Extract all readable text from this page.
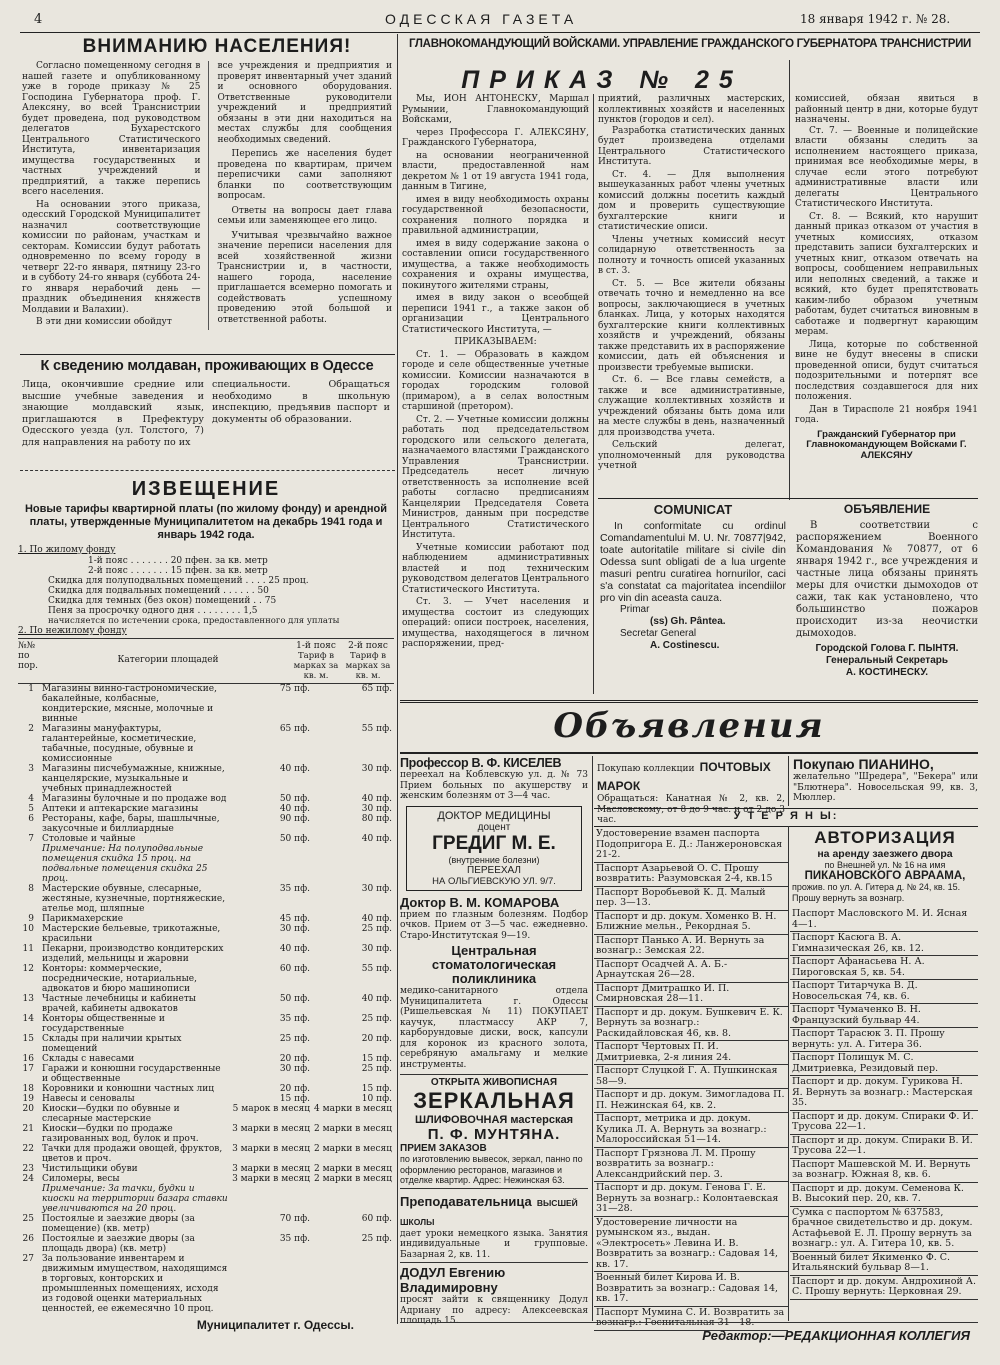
4	ОДЕССКАЯ ГАЗЕТА	18 января 1942 г. № 28.
ВНИМАНИЮ НАСЕЛЕНИЯ!

Согласно помещенному сегодня в нашей газете и опубликованному уже в городе приказу № 25 Господина Губернатора проф. Г. Алексяну, во всей Транснистрии будет проведена, под руководством делегатов Бухарестского Центрального Статистического Института, инвентаризация имущества государственных и частных учреждений и предприятий, а также перепись всего населения.

На основании этого приказа, одесский Городской Муниципалитет назначил соответствующие комиссии по районам, участкам и секторам. Комиссии будут работать одновременно по всему городу в четверг 22-го января, пятницу 23-го и в субботу 24-го января (суббота 24-го января нерабочий день — праздник объединения княжеств Молдавии и Валахии).

В эти дни комиссии обойдут

все учреждения и предприятия и проверят инвентарный учет зданий и основного оборудования. Ответственные руководители учреждений и предприятий обязаны в эти дни находиться на местах службы для сообщения необходимых сведений.

Перепись же населения будет проведена по квартирам, причем переписчики сами заполняют бланки по соответствующим вопросам.

Ответы на вопросы дает глава семьи или заменяющее его лицо.

Учитывая чрезвычайно важное значение переписи населения для всей хозяйственной жизни Транснистрии и, в частности, нашего города, население приглашается всемерно помогать и содействовать успешному проведению этой большой и ответственной работы.

К сведению молдаван, проживающих в Одессе
Лица, окончившие средние или высшие учебные заведения и знающие молдавский язык, приглашаются в Префектуру Одесского уезда (ул. Толстого, 7) для направления на работу по их
специальности. Обращаться необходимо в школьную инспекцию, предъявив паспорт и документы об образовании.
ИЗВЕЩЕНИЕ
Новые тарифы квартирной платы (по жилому фонду) и арендной платы, утвержденные Муниципалитетом на декабрь 1941 года и январь 1942 года.
1. По жилому фонду
1-й пояс . . . . . . . 20 пфен. за кв. метр
2-й пояс . . . . . . . 15 пфен. за кв. метр
Скидка для полуподвальных помещений . . . . 25 проц.
Скидка для подвальных помещений . . . . . . 50
Скидка для темных (без окон) помещений . . 75
Пеня за просрочку одного дня . . . . . . . . 1,5
начисляется по истечении срока, предоставленного для уплаты
2. По нежилому фонду
№№ по пор.
Категории площадей
1-й пояс
Тариф в марках за кв. м.
2-й пояс
Тариф в марках за кв. м.
1	Магазины винно-гастрономические, бакалейные, колбасные, кондитерские, мясные, молочные и винные	75 пф.	65 пф.
2	Магазины мануфактуры, галантерейные, косметические, табачные, посудные, обувные и комиссионные	65 пф.	55 пф.
3	Магазины писчебумажные, книжные, канцелярские, музыкальные и учебных принадлежностей	40 пф.	30 пф.
4	Магазины булочные и по продаже вод	50 пф.	40 пф.
5	Аптеки и аптекарские магазины	40 пф.	30 пф.
6	Рестораны, кафе, бары, шашлычные, закусочные и биллиардные	90 пф.	80 пф.
7	Столовые и чайные	50 пф.	40 пф.
	Примечание: На полуподвальные помещения скидка 15 проц. на подвальные помещения скидка 25 проц.		
8	Мастерские обувные, слесарные, жестяные, кузнечные, портняжеские, ателье мод, шляпные	35 пф.	30 пф.
9	Парикмахерские	45 пф.	40 пф.
10	Мастерские бельевые, трикотажные, красильни	30 пф.	25 пф.
11	Пекарни, производство кондитерских изделий, мельницы и жаровни	40 пф.	30 пф.
12	Конторы: коммерческие, посреднические, нотариальные, адвокатов и бюро машинописи	60 пф.	55 пф.
13	Частные лечебницы и кабинеты врачей, кабинеты адвокатов	50 пф.	40 пф.
14	Конторы общественные и государственные	35 пф.	25 пф.
15	Склады при наличии крытых помещений	25 пф.	20 пф.
16	Склады с навесами	20 пф.	15 пф.
17	Гаражи и конюшни государственные и общественные	30 пф.	25 пф.
18	Коровники и конюшни частных лиц	20 пф.	15 пф.
19	Навесы и сеновалы	15 пф.	10 пф.
20	Киоски—будки по обувные и слесарные мастерские	5 марок в месяц	4 марки в месяц
21	Киоски—будки по продаже газированных вод, булок и проч.	3 марки в месяц	2 марки в месяц
22	Тачки для продажи овощей, фруктов, цветов и проч.	3 марки в месяц	2 марки в месяц
23	Чистильщики обуви	3 марки в месяц	2 марки в месяц
24	Силомеры, весы	3 марки в месяц	2 марки в месяц
	Примечание: За тачки, будки и киоски на территории базара ставки увеличиваются на 20 проц.		
25	Постоялые и заезжие дворы (за помещение) (кв. метр)	70 пф.	60 пф.
26	Постоялые и заезжие дворы (за площадь двора) (кв. метр)	35 пф.	25 пф.
27	За пользование инвентарем и движимым имуществом, находящимся в торговых, конторских и промышленных помещениях, исходя из годовой оценки материальных ценностей, ее ежемесячно 10 проц.		
Муниципалитет г. Одессы.
ГЛАВНОКОМАНДУЮЩИЙ ВОЙСКАМИ. УПРАВЛЕНИЕ ГРАЖДАНСКОГО ГУБЕРНАТОРА ТРАНСНИСТРИИ
ПРИКАЗ № 25

Мы, ИОН АНТОНЕСКУ, Маршал Румынии, Главнокомандующий Войсками,

через Профессора Г. АЛЕКСЯНУ, Гражданского Губернатора,

на основании неограниченной власти, предоставленной нам декретом № 1 от 19 августа 1941 года, данным в Тигине,

имея в виду необходимость охраны государственной безопасности, сохранения полного порядка и правильной администрации,

имея в виду содержание закона о составлении описи государственного имущества, а также необходимость сохранения и охраны имущества, покинутого жителями страны,

имея в виду закон о всеобщей переписи 1941 г., а также закон об организации Центрального Статистического Института, —

ПРИКАЗЫВАЕМ:

Ст. 1. — Образовать в каждом городе и селе общественные учетные комиссии. Комиссии назначаются в городах городским головой (примаром), а в селах волостным старшиной (претором).

Ст. 2. — Учетные комиссии должны работать под председательством городского или сельского делегата, назначаемого властями Гражданского Управления Транснистрии. Председатель несет личную ответственность за исполнение всей работы согласно предписаниям Канцелярии Председателя Совета Министров, данным при посредстве Центрального Статистического Института.

Учетные комиссии работают под наблюдением административных властей и под техническим руководством делегатов Центрального Статистического Института.

Ст. 3. — Учет населения и имущества состоит из следующих операций: описи построек, населения, имущества, находящегося в личном распоряжении, пред-

приятий, различных мастерских, коллективных хозяйств и населенных пунктов (городов и сел).

Разработка статистических данных будет произведена отделами Центрального Статистического Института.

Ст. 4. — Для выполнения вышеуказанных работ члены учетных комиссий должны посетить каждый дом и проверить существующие бухгалтерские книги и статистические описи.

Члены учетных комиссий несут солидарную ответственность за полноту и точность описей указанных в ст. 3.

Ст. 5. — Все жители обязаны отвечать точно и немедленно на все вопросы, заключающиеся в учетных бланках. Лица, у которых находятся бухгалтерские книги коллективных хозяйств и учреждений, обязаны также представить их в распоряжение комиссии, дать ей объяснения и произвести требуемые выписки.

Ст. 6. — Все главы семейств, а также и все административные, служащие коллективных хозяйств и учреждений обязаны быть дома или на месте службы в день, назначенный для производства учета.

Сельский делегат, уполномоченный для руководства учетной

комиссией, обязан явиться в районный центр в дни, которые будут назначены.

Ст. 7. — Военные и полицейские власти обязаны следить за исполнением настоящего приказа, принимая все необходимые меры, в случае если этого потребуют административные власти или делегаты Центрального Статистического Института.

Ст. 8. — Всякий, кто нарушит данный приказ отказом от участия в учетных комиссиях, отказом представить записи бухгалтерских и учетных книг, отказом отвечать на вопросы, сообщением неправильных или неполных сведений, а также и всякий, кто будет препятствовать каким-либо образом учетным работам, будет считаться виновным в саботаже и подвергнут карающим мерам.

Лица, которые по собственной вине не будут внесены в списки проведенной описи, будут считаться подозрительными и потерпят все последствия создавшегося для них положения.

Дан в Тирасполе 21 ноября 1941 года.

Гражданский Губернатор при Главнокомандующем Войсками Г. АЛЕКСЯНУ

COMUNICAT
In conformitate cu ordinul Comandamentului M. U. Nr. 70877|942, toate autoritatile militare si civile din Odessa sunt obligati de a lua urgente masuri pentru curatirea hornurilor, caci s'a constatat ca majoritatea incendiilor pro vin din aceasta cauza.
Primar
(ss) Gh. Pântea.
Secretar General
A. Costinescu.
ОБЪЯВЛЕНИЕ
В соответствии с распоряжением Военного Командования № 70877, от 6 января 1942 г., все учреждения и частные лица обязаны принять меры для очистки дымоходов от сажи, так как установлено, что большинство пожаров происходит из-за неочистки дымоходов.
Городской Голова Г. ПЫНТЯ.
Генеральный Секретарь
А. КОСТИНЕСКУ.
Объявления
Профессор В. Ф. КИСЕЛЕВ
переехал на Коблевскую ул. д. № 73 Прием больных по акушерству и женским болезням от 3—4 час.
ДОКТОР МЕДИЦИНЫ
доцент
ГРЕДИГ М. Е.
(внутренние болезни)
ПЕРЕЕХАЛ
НА ОЛЬГИЕВСКУЮ УЛ. 9/7.
Доктор В. М. КОМАРОВА
прием по глазным болезням. Подбор очков. Прием от 3—5 час. ежедневно. Старо-Институтская 9—19.
Центральная стоматологическая поликлиника
медико-санитарного отдела Муниципалитета г. Одессы (Ришельевская № 11) ПОКУПАЕТ каучук, пластмассу АКР 7, карборундовые диски, воск, капсули для коронок из красного золота, серебряную амальгаму и мелкие инструменты.
ОТКРЫТА ЖИВОПИСНАЯ
ЗЕРКАЛЬНАЯ
ШЛИФОВОЧНАЯ мастерская
П. Ф. МУНТЯНА.
ПРИЕМ ЗАКАЗОВ
по изготовлению вывесок, зеркал, панно по оформлению ресторанов, магазинов и отделке квартир. Адрес: Нежинская 63.
Преподавательница ВЫСШЕЙ ШКОЛЫ
дает уроки немецкого языка. Занятия индивидуальные и групповые. Базарная 2, кв. 11.
ДОДУЛ Евгению Владимировну
просят зайти к священнику Додул Адриану по адресу: Алексеевская площадь 15.
Покупаю коллекции ПОЧТОВЫХ МАРОК
Обращаться: Канатная № 2, кв. 2, Масловскому, от 8 до 9 час. и от 2 до 3 час.
Покупаю ПИАНИНО,
желательно "Шредера", "Бекера" или "Блютнера". Новосельская 99, кв. 3, Мюллер.
У Т Е Р Я Н Ы:
Удостоверение взамен паспорта Подопригора Е. Д.: Ланжероновская 21-2.
Паспорт Азарьевой О. С. Прошу возвратить: Разумовская 2-4, кв.15
Паспорт Воробьевой К. Д. Малый пер. 3—13.
Паспорт и др. докум. Хоменко В. Н. Ближние мельн., Рекордная 5.
Паспорт Панько А. И. Вернуть за вознагр.: Земская 22.
Паспорт Осадчей А. А. Б.-Арнаутская 26—28.
Паспорт Дмитрашко И. П. Смирновская 28—11.
Паспорт и др. докум. Бушкевич Е. К. Вернуть за вознагр.: Раскидайловская 46, кв. 8.
Паспорт Чертовых П. И. Дмитриевка, 2-я линия 24.
Паспорт Слуцкой Г. А. Пушкинская 58—9.
Паспорт и др. докум. Зимогладова П. П. Нежинская 64, кв. 2.
Паспорт, метрика и др. докум. Кулика Л. А. Вернуть за вознагр.: Малороссийская 51—14.
Паспорт Грязнова Л. М. Прошу возвратить за вознагр.: Александрийский пер. 3.
Паспорт и др. докум. Генова Г. Е. Вернуть за вознагр.: Колонтаевская 31—28.
Удостоверение личности на румынском яз., выдан. «Электросеть» Левина И. В. Возвратить за вознагр.: Садовая 14, кв. 17.
Военный билет Кирова И. В. Возвратить за вознагр.: Садовая 14, кв. 17.
Паспорт Мумина С. И. Возвратить за вознагр.: Госпитальная 31—18.
АВТОРИЗАЦИЯ
на аренду заезжего двора
по Внешней ул. № 16 на имя
ПИКАНОВСКОГО АВРААМА,
прожив. по ул. А. Гитера д. № 24, кв. 15. Прошу вернуть за вознагр.
Паспорт Масловского М. И. Ясная 4—1.
Паспорт Касюга В. А. Гимназическая 26, кв. 12.
Паспорт Афанасьева Н. А. Пироговская 5, кв. 54.
Паспорт Титарчука В. Д. Новосельская 74, кв. 6.
Паспорт Чумаченко В. Н. Французский бульвар 44.
Паспорт Тарасюк З. П. Прошу вернуть: ул. А. Гитера 36.
Паспорт Полищук М. С. Дмитриевка, Резидовый пер.
Паспорт и др. докум. Гурикова Н. Я. Вернуть за вознагр.: Мастерская 35.
Паспорт и др. докум. Спираки Ф. И. Трусова 22—1.
Паспорт и др. докум. Спираки В. И. Трусова 22—1.
Паспорт Машевской М. И. Вернуть за вознагр. Южная 8, кв. 6.
Паспорт и др. докум. Семенова К. В. Высокий пер. 20, кв. 7.
Сумка с паспортом № 637583, брачное свидетельство и др. докум. Астафьевой Е. Л. Прошу вернуть за вознагр.: ул. А. Гитера 10, кв. 5.
Военный билет Якименко Ф. С. Итальянский бульвар 8—1.
Паспорт и др. докум. Андрохиной А. С. Прошу вернуть: Церковная 29.
Редактор:—РЕДАКЦИОННАЯ КОЛЛЕГИЯ
